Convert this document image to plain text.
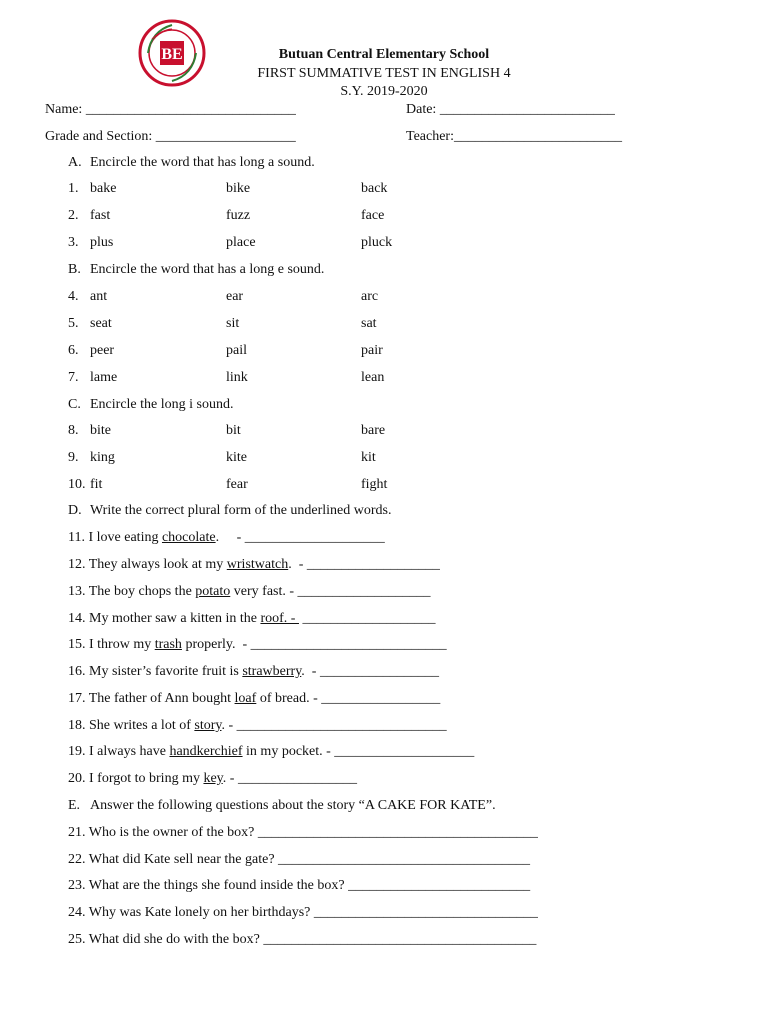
BE	Butuan Central Elementary School
FIRST SUMMATIVE TEST IN ENGLISH 4
S.Y. 2019-2020
Name: ______________________________	Date: _________________________
Grade and Section: ____________________	Teacher:________________________
A. Encircle the word that has long a sound.
1. bake	bike	back
2. fast	fuzz	face
3. plus	place	pluck
B. Encircle the word that has a long e sound.
4. ant	ear	arc
5. seat	sit	sat
6. peer	pail	pair
7. lame	link	lean
C. Encircle the long i sound.
8. bite	bit	bare
9. king	kite	kit
10. fit	fear	fight
D. Write the correct plural form of the underlined words.
11. I love eating chocolate.     - ____________________
12. They always look at my wristwatch.  - ___________________
13. The boy chops the potato very fast. - ___________________
14. My mother saw a kitten in the roof. -  ___________________
15. I throw my trash properly.  - ____________________________
16. My sister’s favorite fruit is strawberry.  - _________________
17. The father of Ann bought loaf of bread. - _________________
18. She writes a lot of story. - ______________________________
19. I always have handkerchief in my pocket. - ____________________
20. I forgot to bring my key. - _________________
E. Answer the following questions about the story “A CAKE FOR KATE”.
21. Who is the owner of the box? ________________________________________
22. What did Kate sell near the gate? ____________________________________
23. What are the things she found inside the box? __________________________
24. Why was Kate lonely on her birthdays? ________________________________
25. What did she do with the box? _______________________________________
